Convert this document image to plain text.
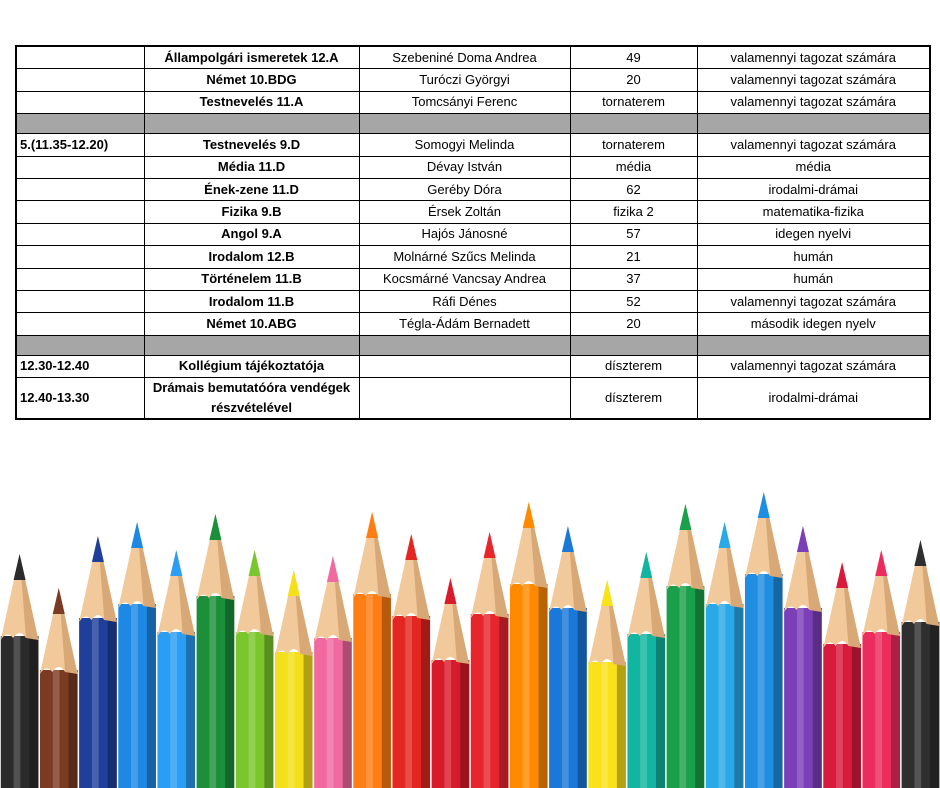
	Állampolgári ismeretek 12.A	Szebeniné Doma Andrea	49	valamennyi tagozat számára
	Német 10.BDG	Turóczi Györgyi	20	valamennyi tagozat számára
	Testnevelés 11.A	Tomcsányi Ferenc	tornaterem	valamennyi tagozat számára

5.(11.35-12.20)	Testnevelés 9.D	Somogyi Melinda	tornaterem	valamennyi tagozat számára
	Média 11.D	Dévay István	média	média
	Ének-zene 11.D	Geréby Dóra	62	irodalmi-drámai
	Fizika 9.B	Érsek Zoltán	fizika 2	matematika-fizika
	Angol 9.A	Hajós Jánosné	57	idegen nyelvi
	Irodalom 12.B	Molnárné Szűcs Melinda	21	humán
	Történelem 11.B	Kocsmárné Vancsay Andrea	37	humán
	Irodalom 11.B	Ráfi Dénes	52	valamennyi tagozat számára
	Német 10.ABG	Tégla-Ádám Bernadett	20	második idegen nyelv

12.30-12.40	Kollégium tájékoztatója		díszterem	valamennyi tagozat számára
12.40-13.30	Drámais bemutatóóra vendégek részvételével		díszterem	irodalmi-drámai
